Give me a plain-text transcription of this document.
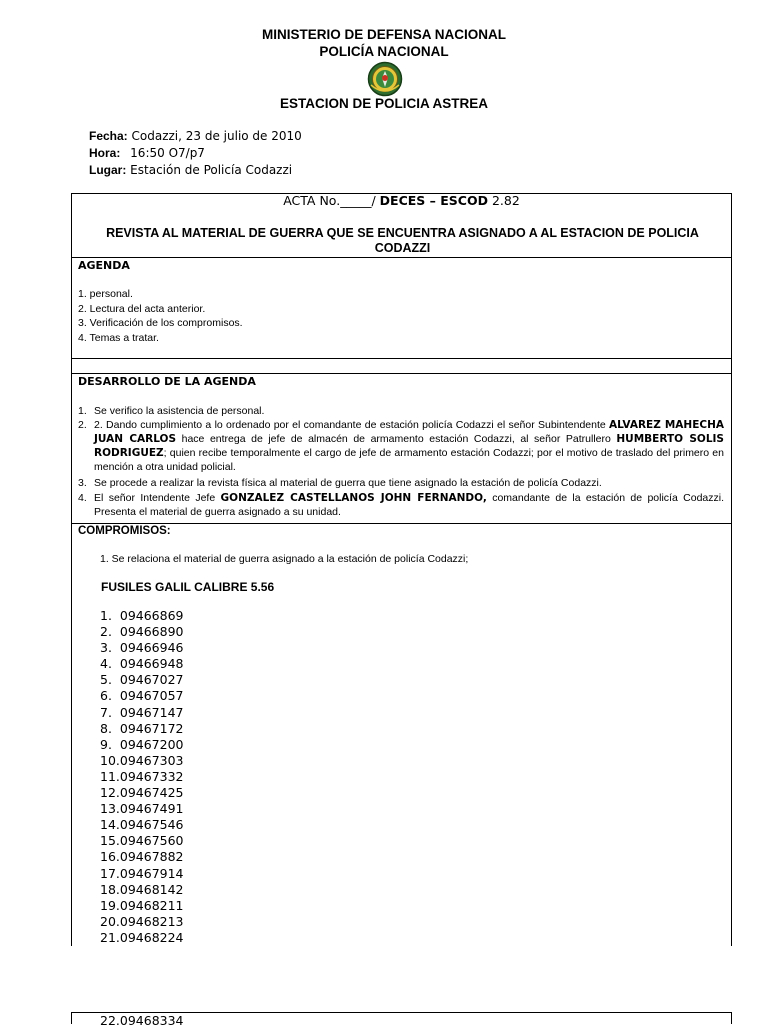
MINISTERIO DE DEFENSA NACIONAL
POLICÍA NACIONAL
ESTACION DE POLICIA ASTREA
Fecha: Codazzi, 23 de julio de 2010
Hora: 16:50 O7/p7
Lugar: Estación de Policía Codazzi
ACTA No._____/ DECES – ESCOD 2.82
REVISTA AL MATERIAL DE GUERRA QUE SE ENCUENTRA ASIGNADO A AL ESTACION DE POLICIA CODAZZI
AGENDA
1. personal.
2. Lectura del acta anterior.
3. Verificación de los compromisos.
4. Temas a tratar.
DESARROLLO DE LA AGENDA
1. Se verifico la asistencia de personal.
2. 2. Dando cumplimiento a lo ordenado por el comandante de estación policía Codazzi el señor Subintendente ALVAREZ MAHECHA JUAN CARLOS hace entrega de jefe de almacén de armamento estación Codazzi, al señor Patrullero HUMBERTO SOLIS RODRIGUEZ; quien recibe temporalmente el cargo de jefe de armamento estación Codazzi; por el motivo de traslado del primero en mención a otra unidad policial.
3. Se procede a realizar la revista física al material de guerra que tiene asignado la estación de policía Codazzi.
4. El señor Intendente Jefe GONZALEZ CASTELLANOS JOHN FERNANDO, comandante de la estación de policía Codazzi. Presenta el material de guerra asignado a su unidad.
COMPROMISOS:
1. Se relaciona el material de guerra asignado a la estación de policía Codazzi;
FUSILES GALIL CALIBRE 5.56
1.  09466869
2.  09466890
3.  09466946
4.  09466948
5.  09467027
6.  09467057
7.  09467147
8.  09467172
9.  09467200
10.09467303
11.09467332
12.09467425
13.09467491
14.09467546
15.09467560
16.09467882
17.09467914
18.09468142
19.09468211
20.09468213
21.09468224
22.09468334
